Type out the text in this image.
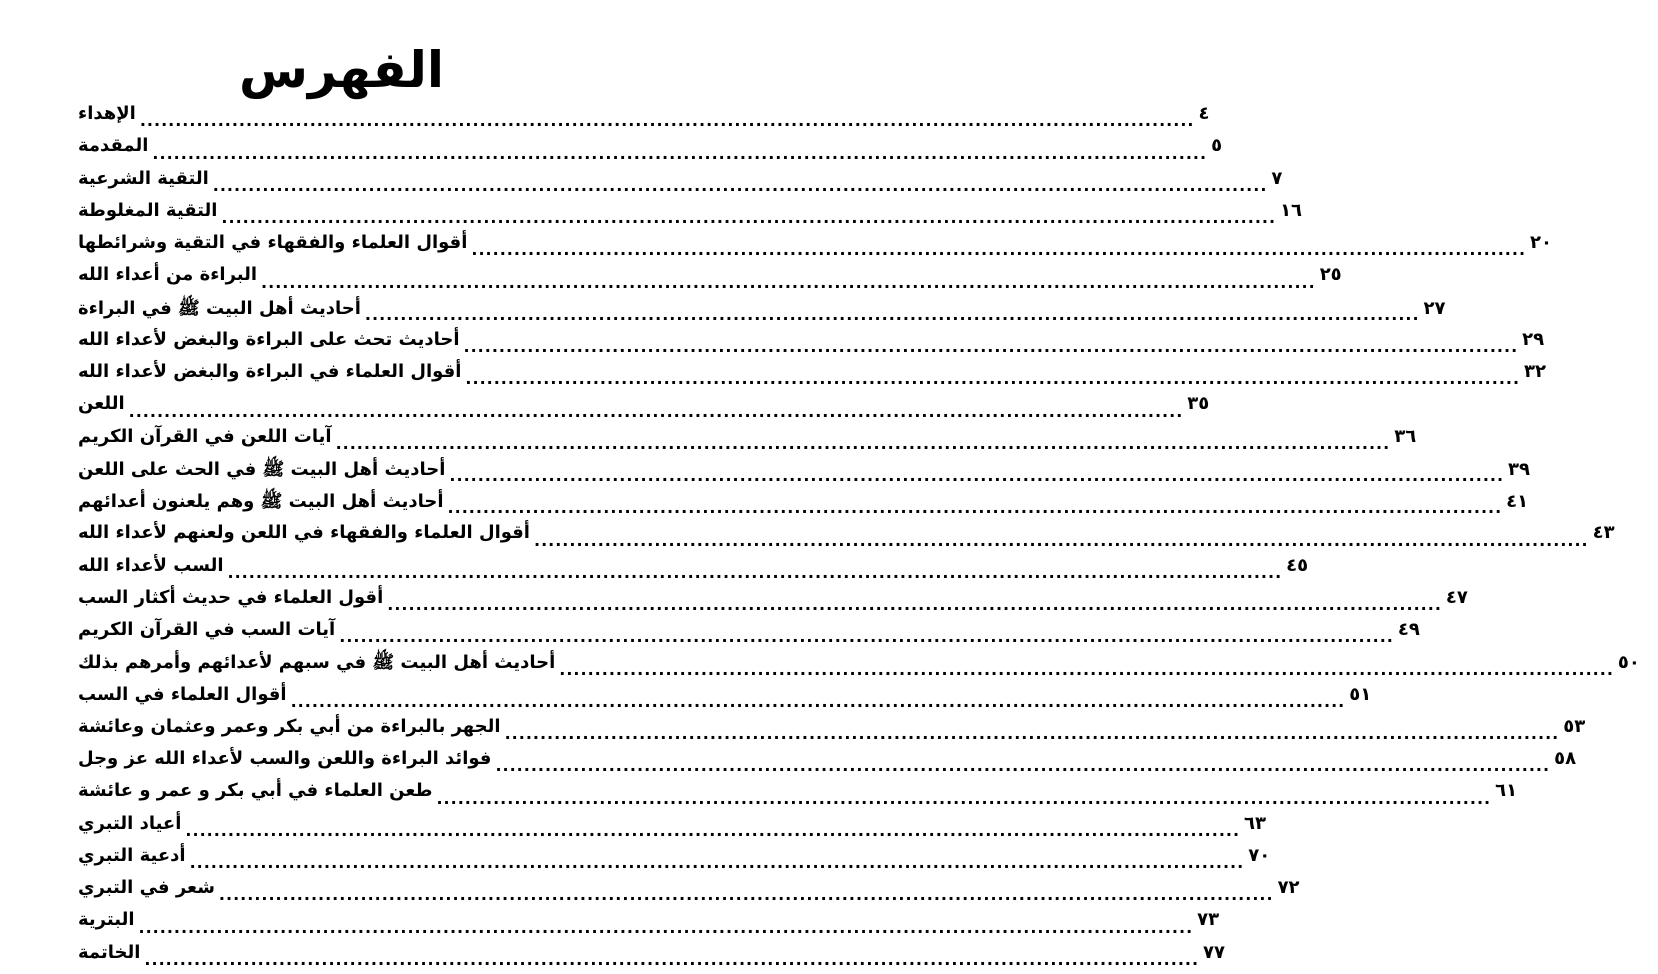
الفهرس
الإهداء .....	٤
المقدمة .....	٥
التقية الشرعية .....	٧
التقية المغلوطة .....	١٦
أقوال العلماء والفقهاء في التقية وشرائطها .....	٢٠
البراءة من أعداء الله .....	٢٥
أحاديث أهل البيت ﷺ في البراءة .....	٢٧
أحاديث تحث على البراءة والبغض لأعداء الله .....	٢٩
أقوال العلماء في البراءة والبغض لأعداء الله .....	٣٢
اللعن .....	٣٥
آيات اللعن في القرآن الكريم .....	٣٦
أحاديث أهل البيت ﷺ في الحث على اللعن .....	٣٩
أحاديث أهل البيت ﷺ وهم يلعنون أعدائهم .....	٤١
أقوال العلماء والفقهاء في اللعن ولعنهم لأعداء الله .....	٤٣
السب لأعداء الله .....	٤٥
أقول العلماء في حديث أكثار السب .....	٤٧
آيات السب في القرآن الكريم .....	٤٩
أحاديث أهل البيت ﷺ في سبهم لأعدائهم وأمرهم بذلك .....	٥٠
أقوال العلماء في السب .....	٥١
الجهر بالبراءة من أبي بكر وعمر وعثمان وعائشة .....	٥٣
فوائد البراءة واللعن والسب لأعداء الله عز وجل .....	٥٨
طعن العلماء في أبي بكر و عمر و عائشة .....	٦١
أعياد التبري .....	٦٣
أدعية التبري .....	٧٠
شعر في التبري .....	٧٢
البترية .....	٧٣
الخاتمة .....	٧٧
